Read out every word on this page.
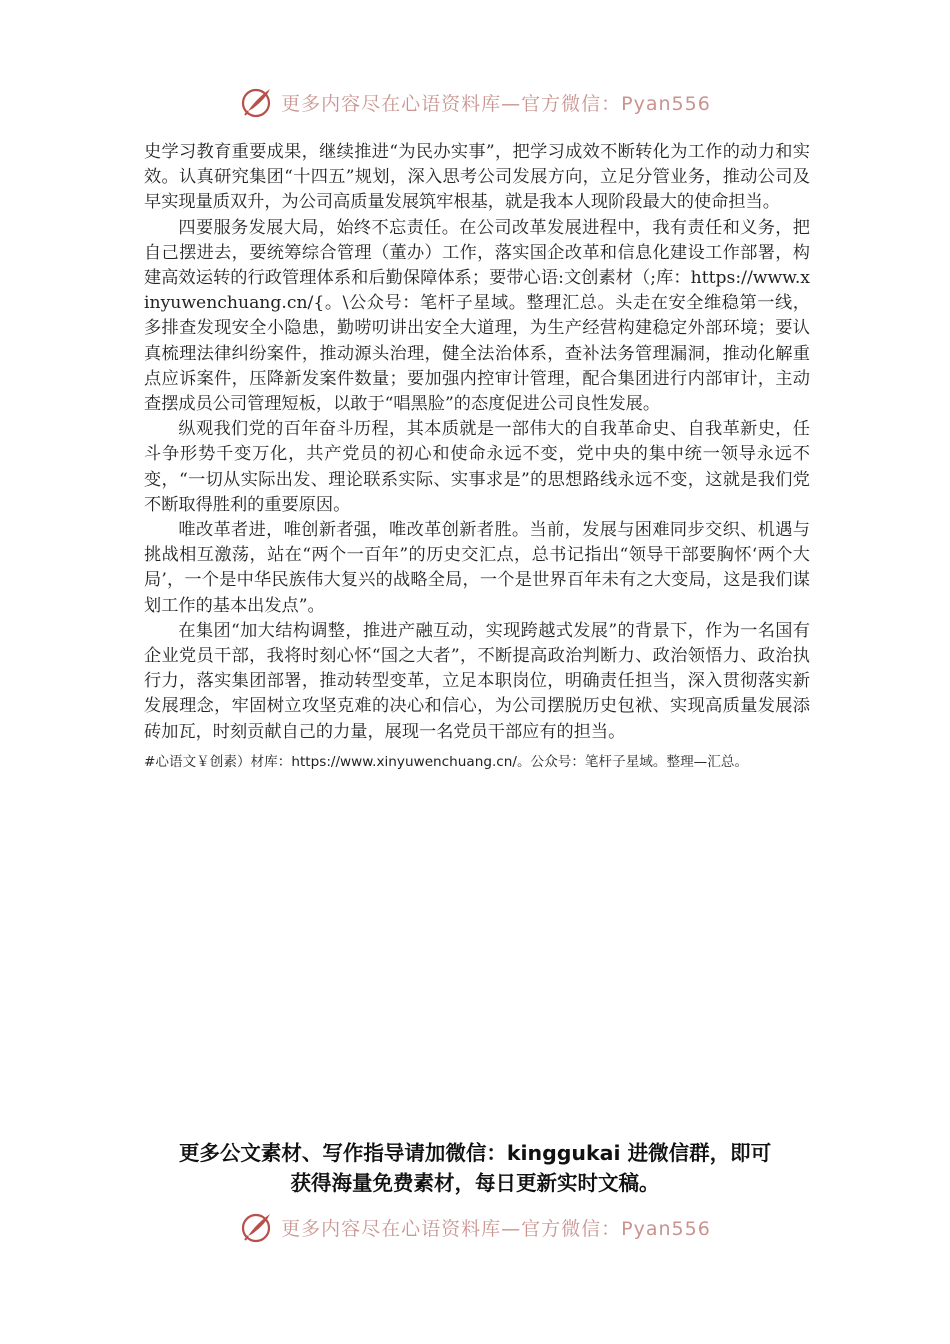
更多内容尽在心语资料库—官方微信：Pyan556

史学习教育重要成果，继续推进“为民办实事”，把学习成效不断转化为工作的动力和实效。认真研究集团“十四五”规划，深入思考公司发展方向，立足分管业务，推动公司及早实现量质双升，为公司高质量发展筑牢根基，就是我本人现阶段最大的使命担当。

四要服务发展大局，始终不忘责任。在公司改革发展进程中，我有责任和义务，把自己摆进去，要统筹综合管理（董办）工作，落实国企改革和信息化建设工作部署，构建高效运转的行政管理体系和后勤保障体系；要带心语:文创素材（;库：https://www.xinyuwenchuang.cn/{。\公众号：笔杆子星域。整理汇总。头走在安全维稳第一线，多排查发现安全小隐患，勤唠叨讲出安全大道理，为生产经营构建稳定外部环境；要认真梳理法律纠纷案件，推动源头治理，健全法治体系，查补法务管理漏洞，推动化解重点应诉案件，压降新发案件数量；要加强内控审计管理，配合集团进行内部审计，主动查摆成员公司管理短板，以敢于“唱黑脸”的态度促进公司良性发展。

纵观我们党的百年奋斗历程，其本质就是一部伟大的自我革命史、自我革新史，任斗争形势千变万化，共产党员的初心和使命永远不变，党中央的集中统一领导永远不变，“一切从实际出发、理论联系实际、实事求是”的思想路线永远不变，这就是我们党不断取得胜利的重要原因。

唯改革者进，唯创新者强，唯改革创新者胜。当前，发展与困难同步交织、机遇与挑战相互激荡，站在“两个一百年”的历史交汇点，总书记指出“领导干部要胸怀‘两个大局’，一个是中华民族伟大复兴的战略全局，一个是世界百年未有之大变局，这是我们谋划工作的基本出发点”。

在集团“加大结构调整，推进产融互动，实现跨越式发展”的背景下，作为一名国有企业党员干部，我将时刻心怀“国之大者”，不断提高政治判断力、政治领悟力、政治执行力，落实集团部署，推动转型变革，立足本职岗位，明确责任担当，深入贯彻落实新发展理念，牢固树立攻坚克难的决心和信心，为公司摆脱历史包袱、实现高质量发展添砖加瓦，时刻贡献自己的力量，展现一名党员干部应有的担当。

#心语文￥创素）材库：https://www.xinyuwenchuang.cn/。公众号：笔杆子星域。整理—汇总。

更多公文素材、写作指导请加微信：kinggukai 进微信群，即可
获得海量免费素材，每日更新实时文稿。
更多内容尽在心语资料库—官方微信：Pyan556
